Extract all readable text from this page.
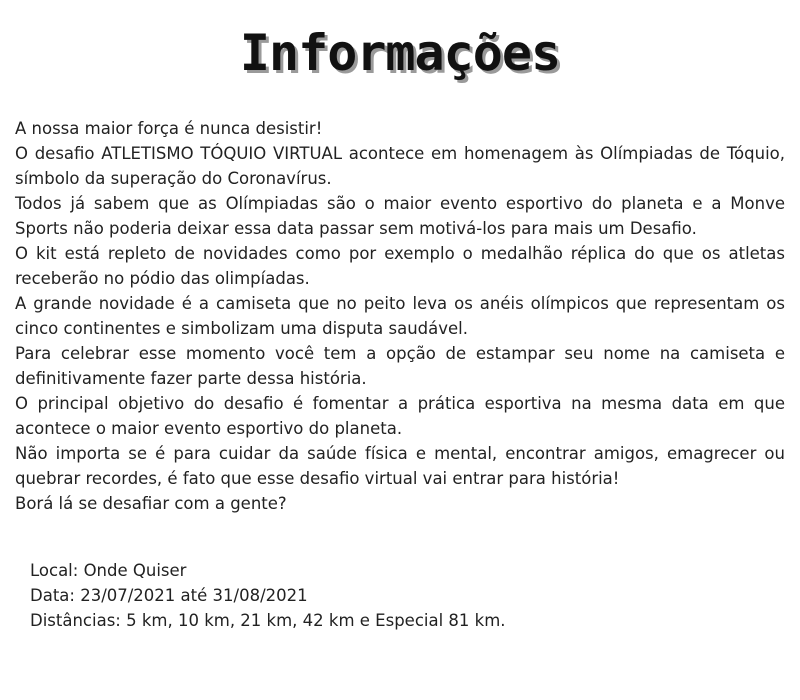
Informações

A nossa maior força é nunca desistir!

O desafio ATLETISMO TÓQUIO VIRTUAL acontece em homenagem às Olímpiadas de Tóquio, símbolo da superação do Coronavírus.

Todos já sabem que as Olímpiadas são o maior evento esportivo do planeta e a Monve Sports não poderia deixar essa data passar sem motivá-los para mais um Desafio.

O kit está repleto de novidades como por exemplo o medalhão réplica do que os atletas receberão no pódio das olimpíadas.

A grande novidade é a camiseta que no peito leva os anéis olímpicos que representam os cinco continentes e simbolizam uma disputa saudável.

Para celebrar esse momento você tem a opção de estampar seu nome na camiseta e definitivamente fazer parte dessa história.

O principal objetivo do desafio é fomentar a prática esportiva na mesma data em que acontece o maior evento esportivo do planeta.

Não importa se é para cuidar da saúde física e mental, encontrar amigos, emagrecer ou quebrar recordes, é fato que esse desafio virtual vai entrar para história!

Borá lá se desafiar com a gente?

Local: Onde Quiser

Data: 23/07/2021 até 31/08/2021

Distâncias: 5 km, 10 km, 21 km, 42 km e Especial 81 km.
